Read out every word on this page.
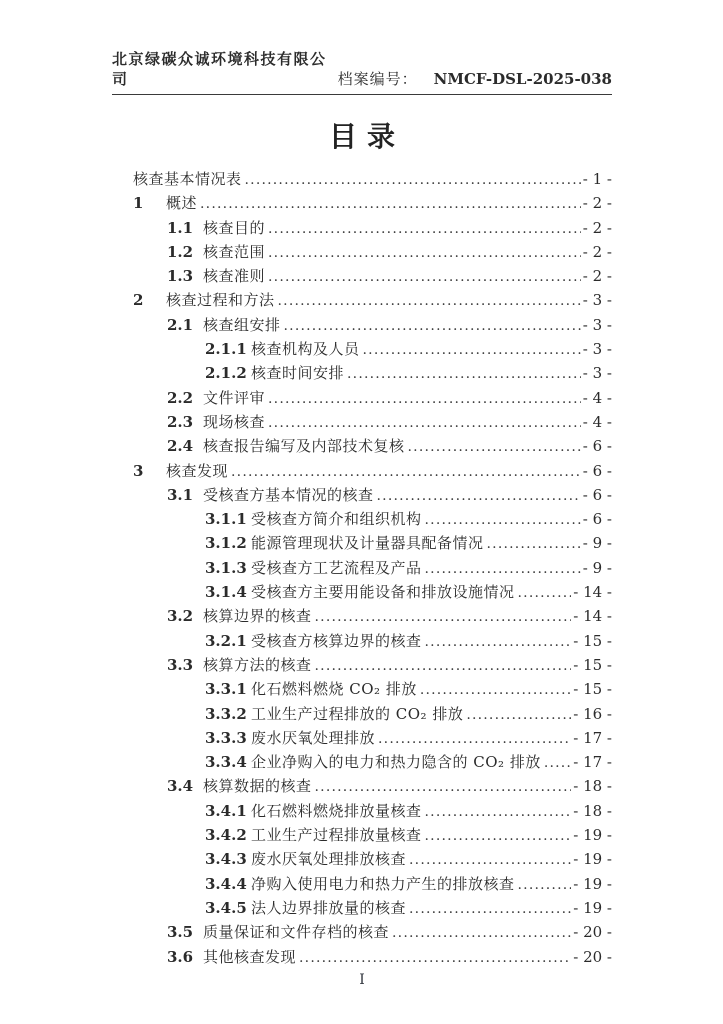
北京绿碳众诚环境科技有限公司	档案编号： NMCF-DSL-2025-038
目录
核查基本情况表 .....	- 1 -
1	概述 .....	- 2 -
1.1 核查目的 .....	- 2 -
1.2 核查范围 .....	- 2 -
1.3 核查准则 .....	- 2 -
2	核查过程和方法 .....	- 3 -
2.1 核查组安排 .....	- 3 -
2.1.1 核查机构及人员 .....	- 3 -
2.1.2 核查时间安排 .....	- 3 -
2.2 文件评审 .....	- 4 -
2.3 现场核查 .....	- 4 -
2.4 核查报告编写及内部技术复核 .....	- 6 -
3	核查发现 .....	- 6 -
3.1 受核查方基本情况的核查 .....	- 6 -
3.1.1 受核查方简介和组织机构 .....	- 6 -
3.1.2 能源管理现状及计量器具配备情况 .....	- 9 -
3.1.3 受核查方工艺流程及产品 .....	- 9 -
3.1.4 受核查方主要用能设备和排放设施情况 .....	- 14 -
3.2 核算边界的核查 .....	- 14 -
3.2.1 受核查方核算边界的核查 .....	- 15 -
3.3 核算方法的核查 .....	- 15 -
3.3.1 化石燃料燃烧 CO₂ 排放 .....	- 15 -
3.3.2 工业生产过程排放的 CO₂ 排放 .....	- 16 -
3.3.3 废水厌氧处理排放 .....	- 17 -
3.3.4 企业净购入的电力和热力隐含的 CO₂ 排放 ..... - 17 -
3.4 核算数据的核查 .....	- 18 -
3.4.1 化石燃料燃烧排放量核查 .....	- 18 -
3.4.2 工业生产过程排放量核查 .....	- 19 -
3.4.3 废水厌氧处理排放核查 .....	- 19 -
3.4.4 净购入使用电力和热力产生的排放核查 .....	- 19 -
3.4.5 法人边界排放量的核查 .....	- 19 -
3.5 质量保证和文件存档的核查 .....	- 20 -
3.6 其他核查发现 .....	- 20 -
I
